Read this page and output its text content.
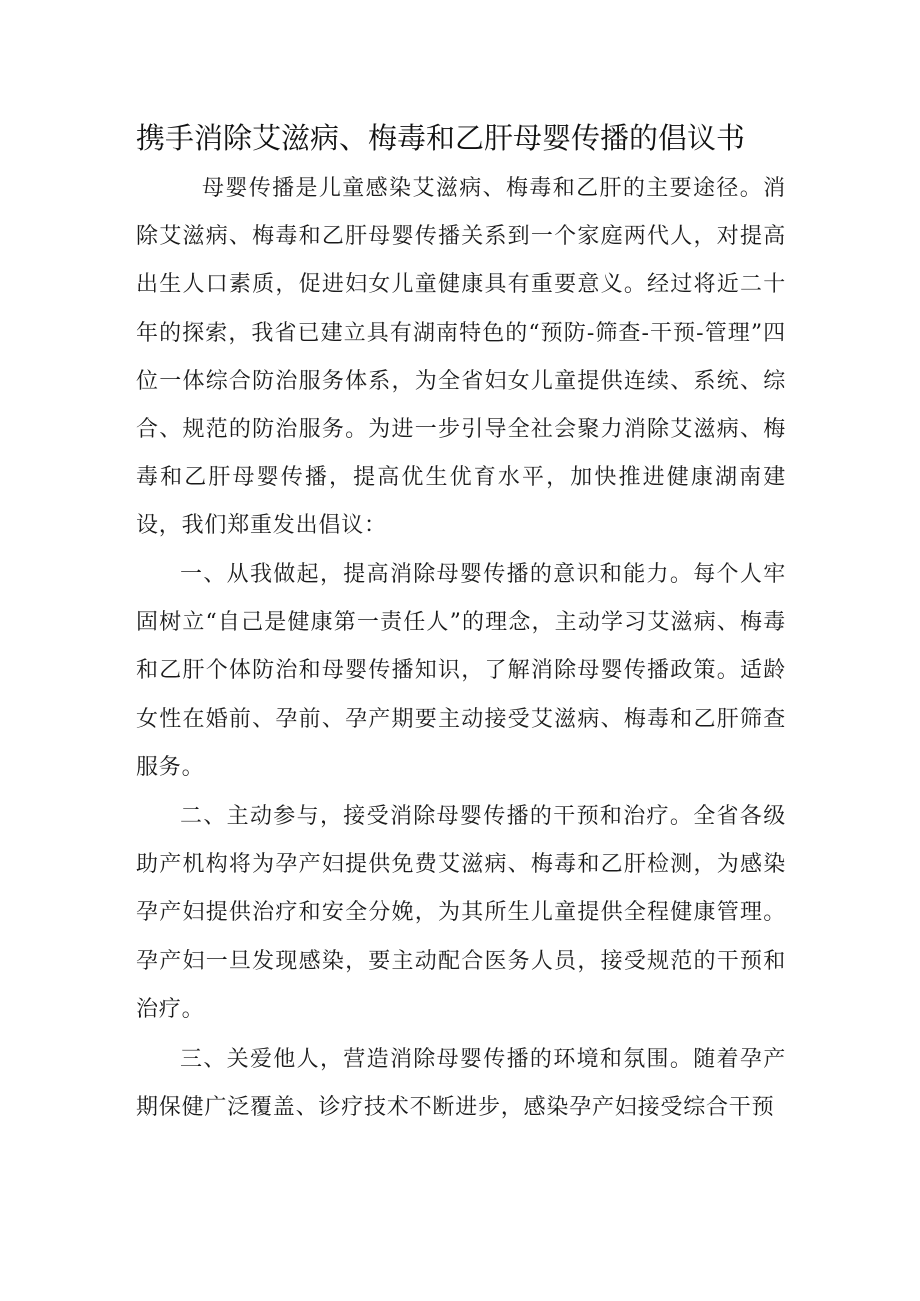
携手消除艾滋病、梅毒和乙肝母婴传播的倡议书

母婴传播是儿童感染艾滋病、梅毒和乙肝的主要途径。消除艾滋病、梅毒和乙肝母婴传播关系到一个家庭两代人，对提高出生人口素质，促进妇女儿童健康具有重要意义。经过将近二十年的探索，我省已建立具有湖南特色的“预防-筛查-干预-管理”四位一体综合防治服务体系，为全省妇女儿童提供连续、系统、综合、规范的防治服务。为进一步引导全社会聚力消除艾滋病、梅毒和乙肝母婴传播，提高优生优育水平，加快推进健康湖南建设，我们郑重发出倡议：

一、从我做起，提高消除母婴传播的意识和能力。每个人牢固树立“自己是健康第一责任人”的理念，主动学习艾滋病、梅毒和乙肝个体防治和母婴传播知识，了解消除母婴传播政策。适龄女性在婚前、孕前、孕产期要主动接受艾滋病、梅毒和乙肝筛查服务。

二、主动参与，接受消除母婴传播的干预和治疗。全省各级助产机构将为孕产妇提供免费艾滋病、梅毒和乙肝检测，为感染孕产妇提供治疗和安全分娩，为其所生儿童提供全程健康管理。孕产妇一旦发现感染，要主动配合医务人员，接受规范的干预和治疗。

三、关爱他人，营造消除母婴传播的环境和氛围。随着孕产期保健广泛覆盖、诊疗技术不断进步，感染孕产妇接受综合干预
